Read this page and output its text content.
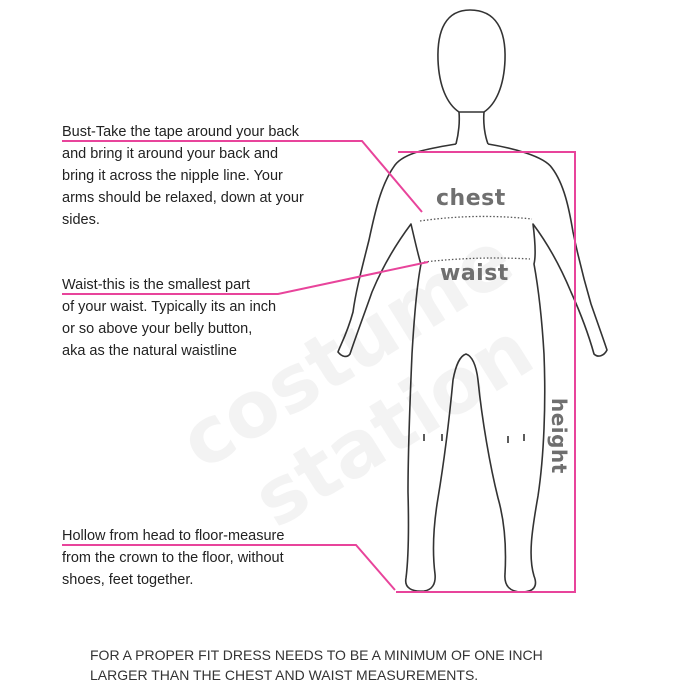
Bust-Take the tape around your back
and bring it around your back and
bring it across the nipple line. Your
arms should be relaxed, down at your
sides.
Waist-this is the smallest part
of your waist. Typically its an inch
or so above your belly button,
aka as the natural waistline
Hollow from head to floor-measure
from the crown to the floor, without
shoes, feet together.
chest
waist
height
FOR A PROPER FIT DRESS NEEDS TO BE A MINIMUM OF ONE INCH
LARGER THAN THE CHEST AND WAIST MEASUREMENTS.
